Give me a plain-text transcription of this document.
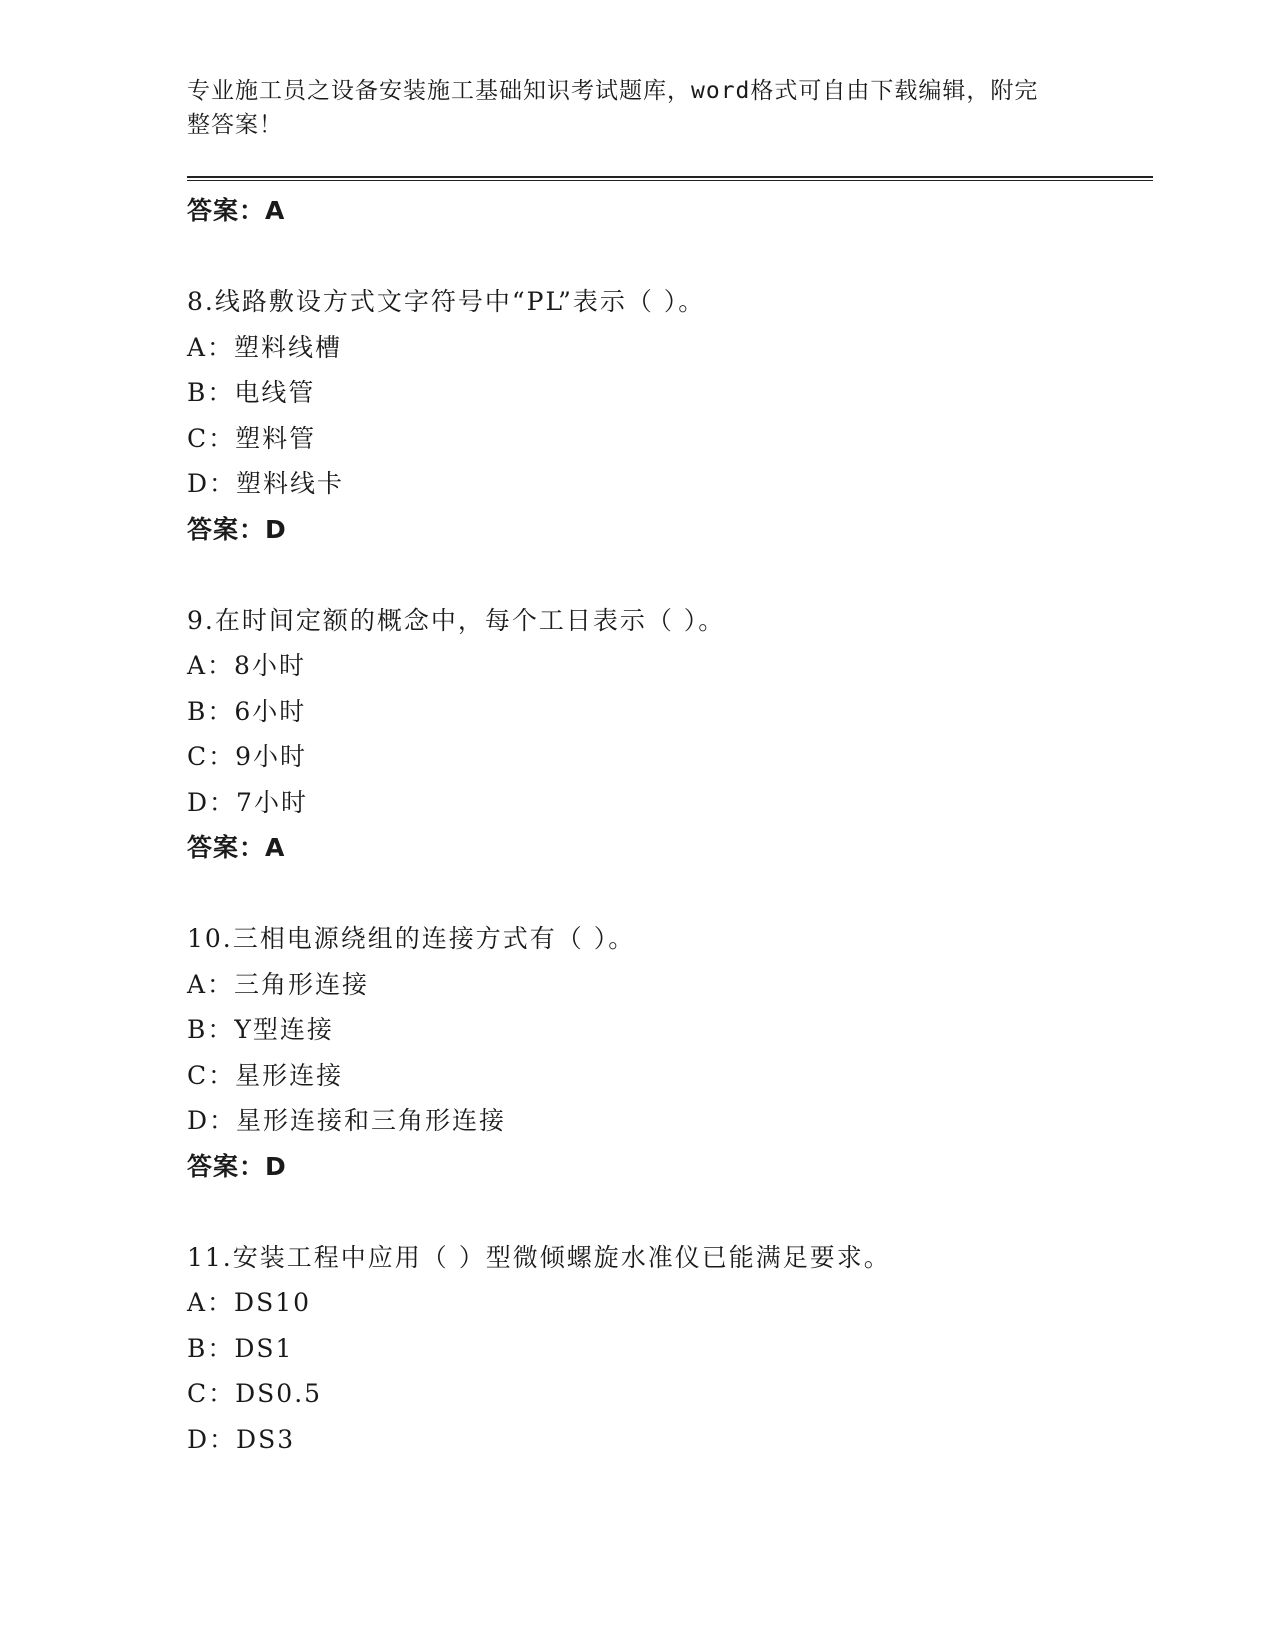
专业施工员之设备安装施工基础知识考试题库，word格式可自由下载编辑，附完
整答案！
答案：A
8.线路敷设方式文字符号中“PL”表示（ ）。
A：塑料线槽
B：电线管
C：塑料管
D：塑料线卡
答案：D
9.在时间定额的概念中，每个工日表示（ ）。
A：8小时
B：6小时
C：9小时
D：7小时
答案：A
10.三相电源绕组的连接方式有（ ）。
A：三角形连接
B：Y型连接
C：星形连接
D：星形连接和三角形连接
答案：D
11.安装工程中应用（ ）型微倾螺旋水准仪已能满足要求。
A：DS10
B：DS1
C：DS0.5
D：DS3
